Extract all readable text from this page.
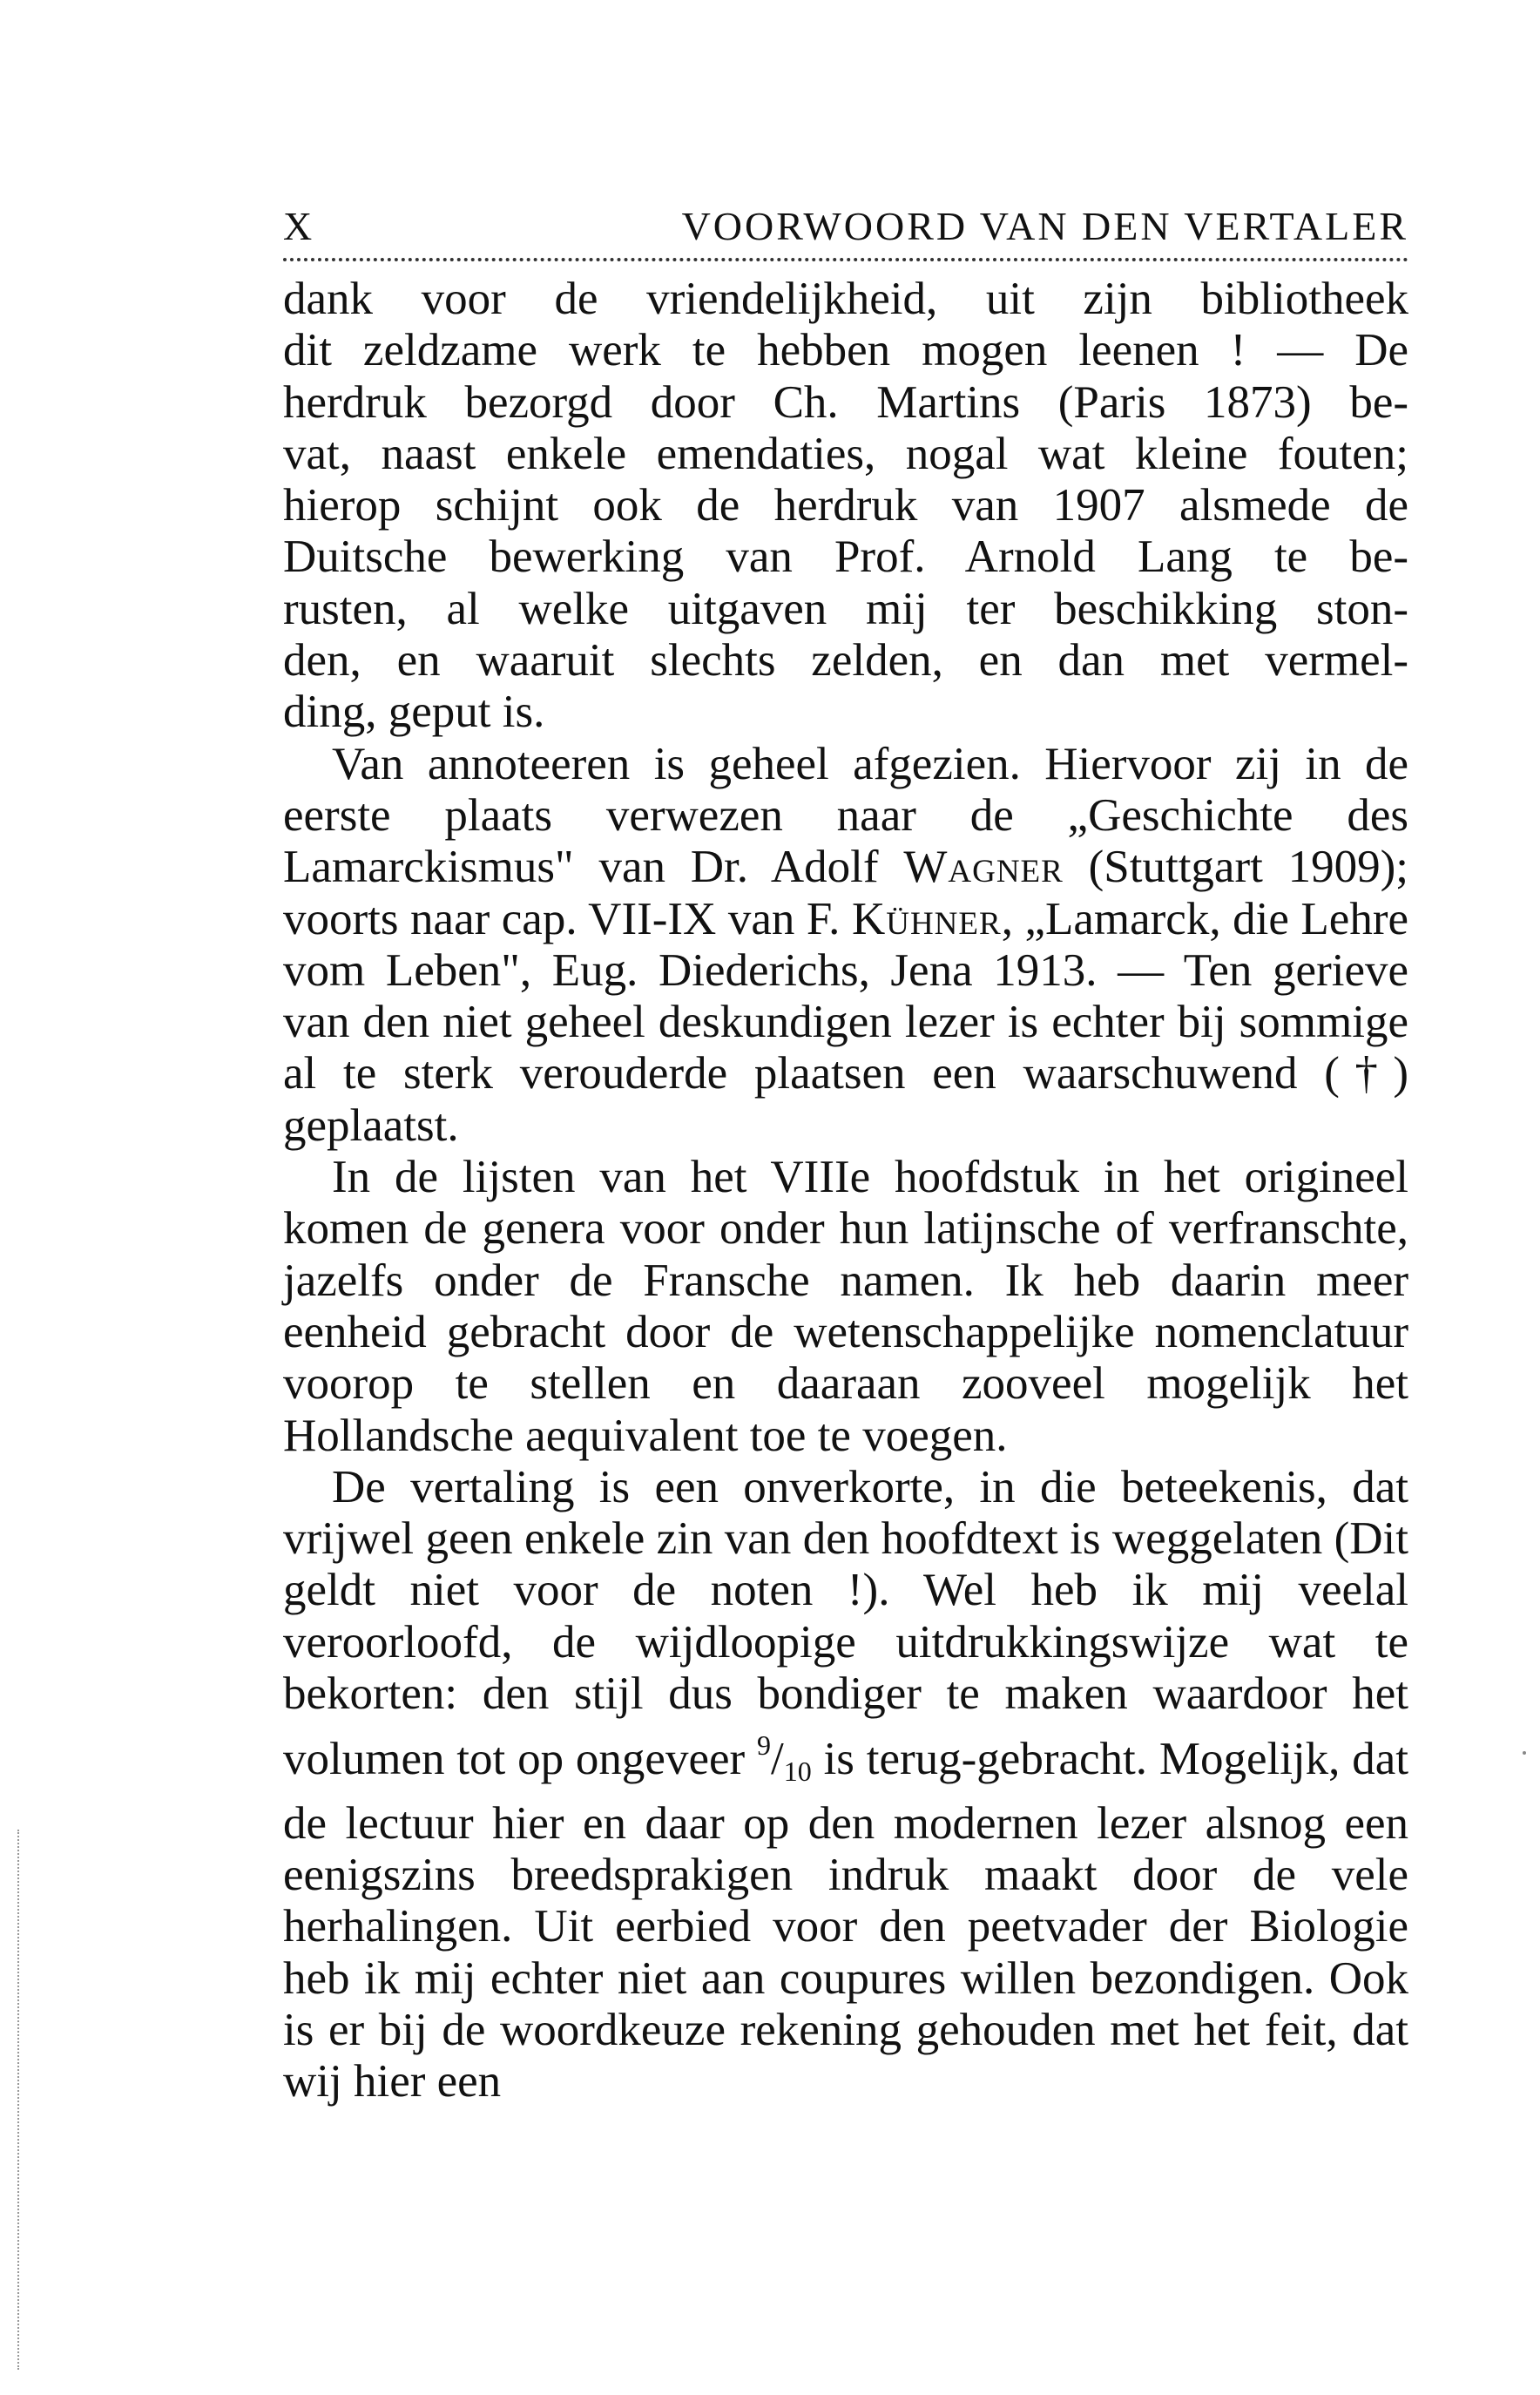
X	VOORWOORD VAN DEN VERTALER

dank voor de vriendelijkheid, uit zijn bibliotheek
dit zeldzame werk te hebben mogen leenen ! — De
herdruk bezorgd door Ch. Martins (Paris 1873) be-
vat, naast enkele emendaties, nogal wat kleine fouten;
hierop schijnt ook de herdruk van 1907 alsmede de
Duitsche bewerking van Prof. Arnold Lang te be-
rusten, al welke uitgaven mij ter beschikking ston-
den, en waaruit slechts zelden, en dan met vermel-
ding, geput is.

Van annoteeren is geheel afgezien. Hiervoor zij in de eerste plaats verwezen naar de „Geschichte des Lamarckismus" van Dr. Adolf Wagner (Stuttgart 1909); voorts naar cap. VII-IX van F. Kühner, „Lamarck, die Lehre vom Leben", Eug. Diederichs, Jena 1913. — Ten gerieve van den niet geheel deskundigen lezer is echter bij sommige al te sterk verouderde plaatsen een waarschuwend (†) geplaatst.

In de lijsten van het VIIIe hoofdstuk in het origineel komen de genera voor onder hun latijnsche of verfranschte, jazelfs onder de Fransche namen. Ik heb daarin meer eenheid gebracht door de wetenschappelijke nomenclatuur voorop te stellen en daaraan zooveel mogelijk het Hollandsche aequivalent toe te voegen.

De vertaling is een onverkorte, in die beteekenis, dat vrijwel geen enkele zin van den hoofdtext is weggelaten (Dit geldt niet voor de noten !). Wel heb ik mij veelal veroorloofd, de wijdloopige uitdrukkingswijze wat te bekorten: den stijl dus bondiger te maken waardoor het volumen tot op ongeveer $^9/_{10}$ is terug-gebracht. Mogelijk, dat de lectuur hier en daar op den modernen lezer alsnog een eenigszins breedsprakigen indruk maakt door de vele herhalingen. Uit eerbied voor den peetvader der Biologie heb ik mij echter niet aan coupures willen bezondigen. Ook is er bij de woordkeuze rekening gehouden met het feit, dat wij hier een
